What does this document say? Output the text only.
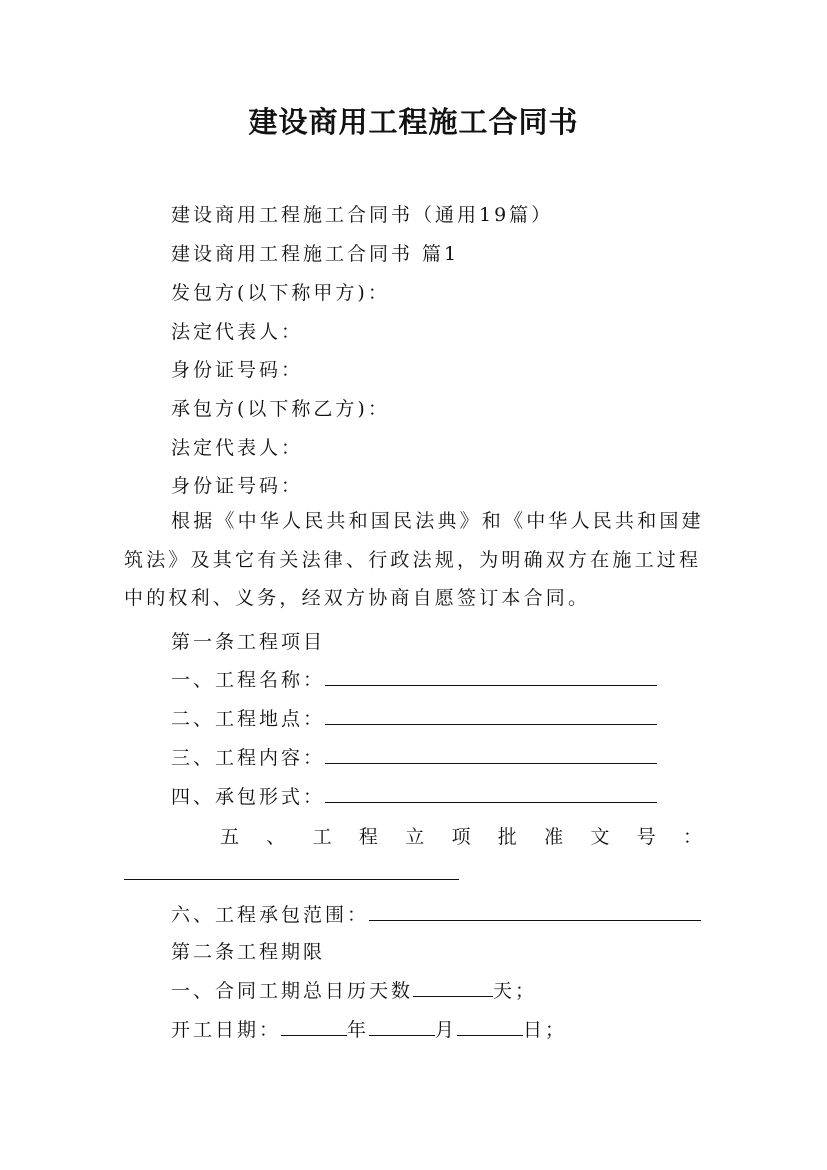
建设商用工程施工合同书
建设商用工程施工合同书（通用19篇）
建设商用工程施工合同书 篇1
发包方(以下称甲方)：
法定代表人：
身份证号码：
承包方(以下称乙方)：
法定代表人：
身份证号码：

根据《中华人民共和国民法典》和《中华人民共和国建筑法》及其它有关法律、行政法规，为明确双方在施工过程中的权利、义务，经双方协商自愿签订本合同。

第一条工程项目
一、工程名称：
二、工程地点：
三、工程内容：
四、承包形式：
五 、 工 程 立 项 批 准 文 号 ：
六、工程承包范围：
第二条工程期限
一、合同工期总日历天数	天；
开工日期：	年	月	日；
